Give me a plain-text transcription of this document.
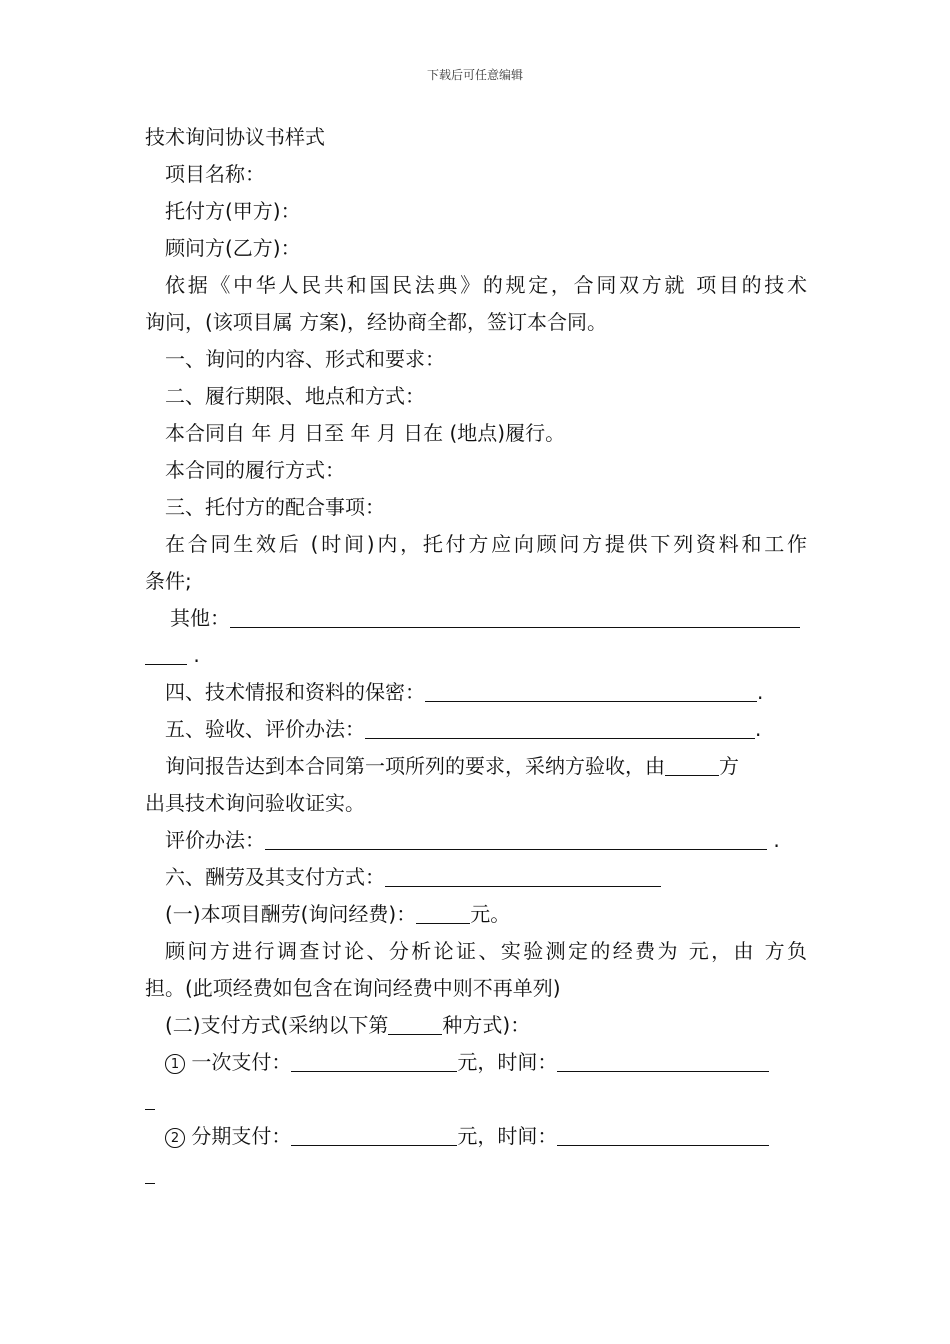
下载后可任意编辑
技术询问协议书样式
项目名称：
托付方(甲方)：
顾问方(乙方)：
依据《中华人民共和国民法典》的规定，合同双方就 项目的技术
询问，(该项目属 方案)，经协商全都，签订本合同。
一、询问的内容、形式和要求：
二、履行期限、地点和方式：
本合同自 年 月 日至 年 月 日在 (地点)履行。
本合同的履行方式：
三、托付方的配合事项：
在合同生效后 (时间)内，托付方应向顾问方提供下列资料和工作
条件;
其他：
.
四、技术情报和资料的保密：	.
五、验收、评价办法：	.
询问报告达到本合同第一项所列的要求，采纳方验收，由	方
出具技术询问验收证实。
评价办法：	.
六、酬劳及其支付方式：
(一)本项目酬劳(询问经费)：	元。
顾问方进行调查讨论、分析论证、实验测定的经费为 元，由 方负
担。(此项经费如包含在询问经费中则不再单列)
(二)支付方式(采纳以下第	种方式)：
1 一次支付：	元，时间：
2 分期支付：	元，时间：
